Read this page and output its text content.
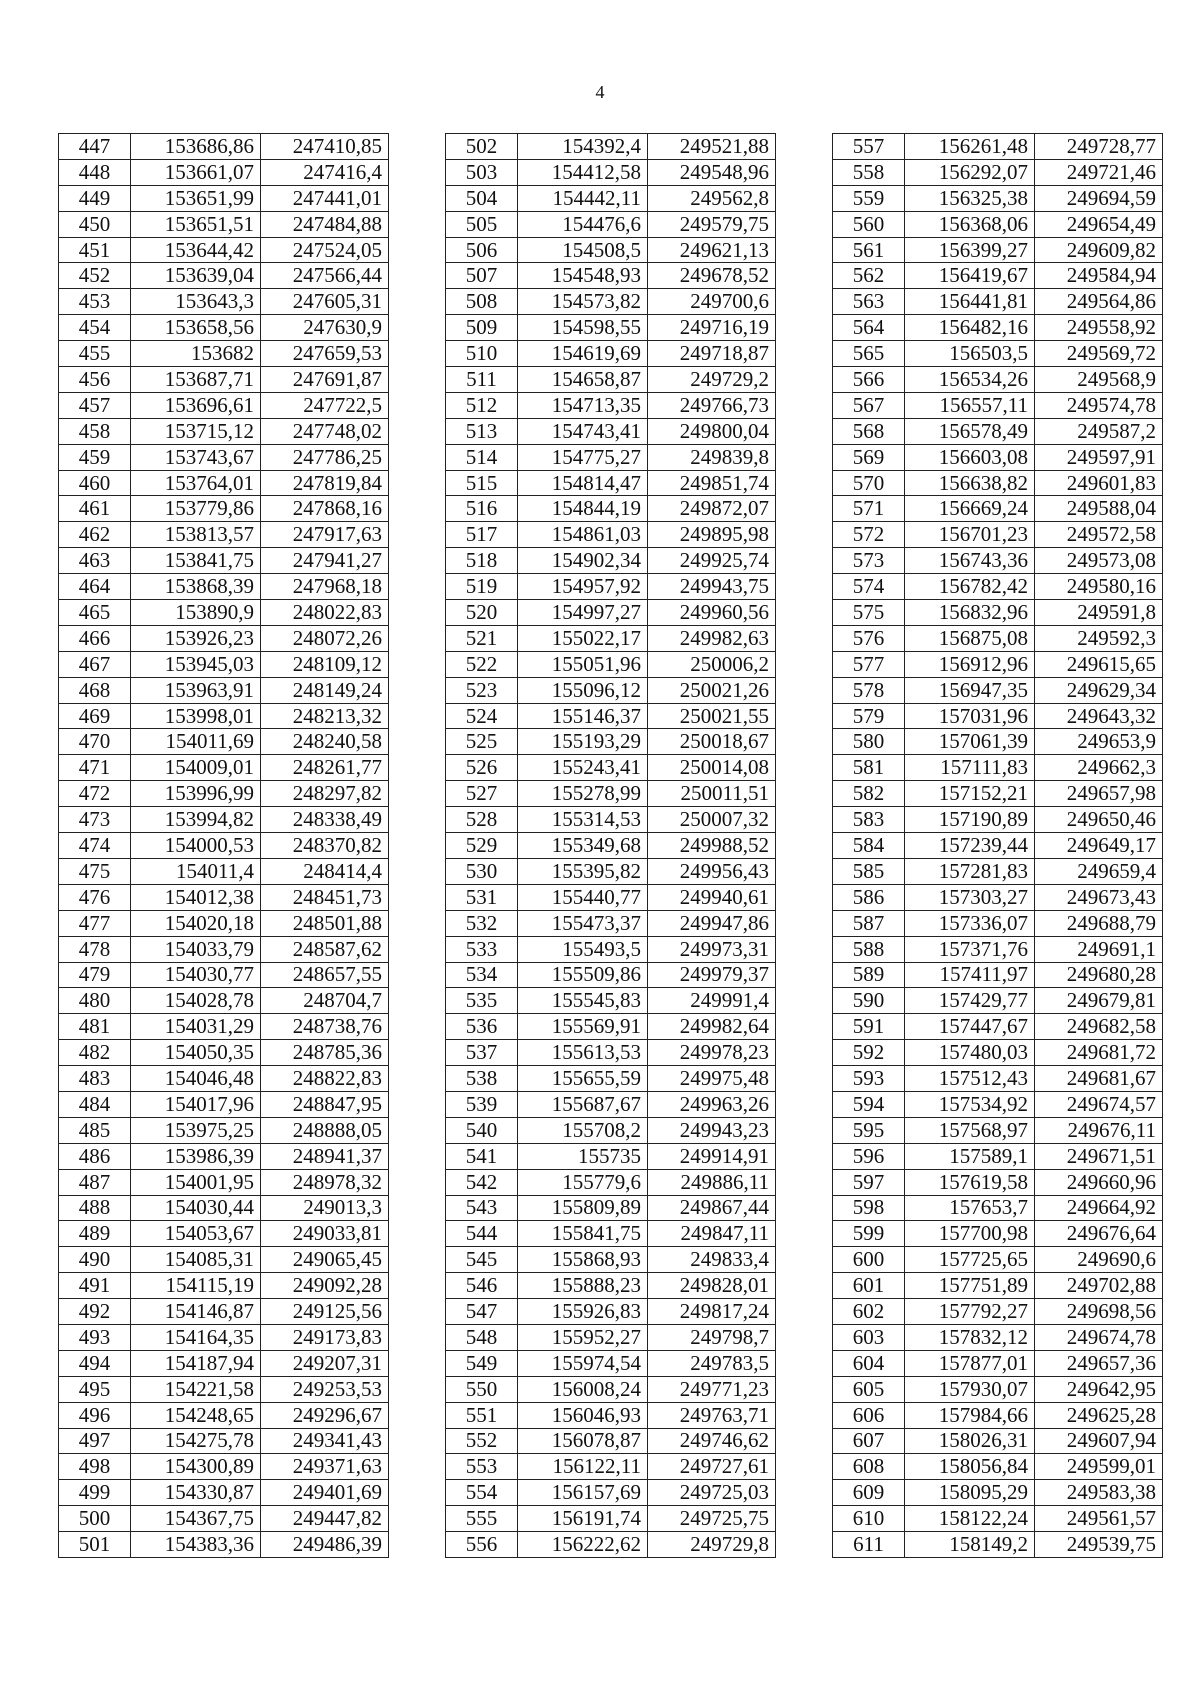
4
447	153686,86	247410,85
448	153661,07	247416,4
449	153651,99	247441,01
450	153651,51	247484,88
451	153644,42	247524,05
452	153639,04	247566,44
453	153643,3	247605,31
454	153658,56	247630,9
455	153682	247659,53
456	153687,71	247691,87
457	153696,61	247722,5
458	153715,12	247748,02
459	153743,67	247786,25
460	153764,01	247819,84
461	153779,86	247868,16
462	153813,57	247917,63
463	153841,75	247941,27
464	153868,39	247968,18
465	153890,9	248022,83
466	153926,23	248072,26
467	153945,03	248109,12
468	153963,91	248149,24
469	153998,01	248213,32
470	154011,69	248240,58
471	154009,01	248261,77
472	153996,99	248297,82
473	153994,82	248338,49
474	154000,53	248370,82
475	154011,4	248414,4
476	154012,38	248451,73
477	154020,18	248501,88
478	154033,79	248587,62
479	154030,77	248657,55
480	154028,78	248704,7
481	154031,29	248738,76
482	154050,35	248785,36
483	154046,48	248822,83
484	154017,96	248847,95
485	153975,25	248888,05
486	153986,39	248941,37
487	154001,95	248978,32
488	154030,44	249013,3
489	154053,67	249033,81
490	154085,31	249065,45
491	154115,19	249092,28
492	154146,87	249125,56
493	154164,35	249173,83
494	154187,94	249207,31
495	154221,58	249253,53
496	154248,65	249296,67
497	154275,78	249341,43
498	154300,89	249371,63
499	154330,87	249401,69
500	154367,75	249447,82
501	154383,36	249486,39
502	154392,4	249521,88
503	154412,58	249548,96
504	154442,11	249562,8
505	154476,6	249579,75
506	154508,5	249621,13
507	154548,93	249678,52
508	154573,82	249700,6
509	154598,55	249716,19
510	154619,69	249718,87
511	154658,87	249729,2
512	154713,35	249766,73
513	154743,41	249800,04
514	154775,27	249839,8
515	154814,47	249851,74
516	154844,19	249872,07
517	154861,03	249895,98
518	154902,34	249925,74
519	154957,92	249943,75
520	154997,27	249960,56
521	155022,17	249982,63
522	155051,96	250006,2
523	155096,12	250021,26
524	155146,37	250021,55
525	155193,29	250018,67
526	155243,41	250014,08
527	155278,99	250011,51
528	155314,53	250007,32
529	155349,68	249988,52
530	155395,82	249956,43
531	155440,77	249940,61
532	155473,37	249947,86
533	155493,5	249973,31
534	155509,86	249979,37
535	155545,83	249991,4
536	155569,91	249982,64
537	155613,53	249978,23
538	155655,59	249975,48
539	155687,67	249963,26
540	155708,2	249943,23
541	155735	249914,91
542	155779,6	249886,11
543	155809,89	249867,44
544	155841,75	249847,11
545	155868,93	249833,4
546	155888,23	249828,01
547	155926,83	249817,24
548	155952,27	249798,7
549	155974,54	249783,5
550	156008,24	249771,23
551	156046,93	249763,71
552	156078,87	249746,62
553	156122,11	249727,61
554	156157,69	249725,03
555	156191,74	249725,75
556	156222,62	249729,8
557	156261,48	249728,77
558	156292,07	249721,46
559	156325,38	249694,59
560	156368,06	249654,49
561	156399,27	249609,82
562	156419,67	249584,94
563	156441,81	249564,86
564	156482,16	249558,92
565	156503,5	249569,72
566	156534,26	249568,9
567	156557,11	249574,78
568	156578,49	249587,2
569	156603,08	249597,91
570	156638,82	249601,83
571	156669,24	249588,04
572	156701,23	249572,58
573	156743,36	249573,08
574	156782,42	249580,16
575	156832,96	249591,8
576	156875,08	249592,3
577	156912,96	249615,65
578	156947,35	249629,34
579	157031,96	249643,32
580	157061,39	249653,9
581	157111,83	249662,3
582	157152,21	249657,98
583	157190,89	249650,46
584	157239,44	249649,17
585	157281,83	249659,4
586	157303,27	249673,43
587	157336,07	249688,79
588	157371,76	249691,1
589	157411,97	249680,28
590	157429,77	249679,81
591	157447,67	249682,58
592	157480,03	249681,72
593	157512,43	249681,67
594	157534,92	249674,57
595	157568,97	249676,11
596	157589,1	249671,51
597	157619,58	249660,96
598	157653,7	249664,92
599	157700,98	249676,64
600	157725,65	249690,6
601	157751,89	249702,88
602	157792,27	249698,56
603	157832,12	249674,78
604	157877,01	249657,36
605	157930,07	249642,95
606	157984,66	249625,28
607	158026,31	249607,94
608	158056,84	249599,01
609	158095,29	249583,38
610	158122,24	249561,57
611	158149,2	249539,75
